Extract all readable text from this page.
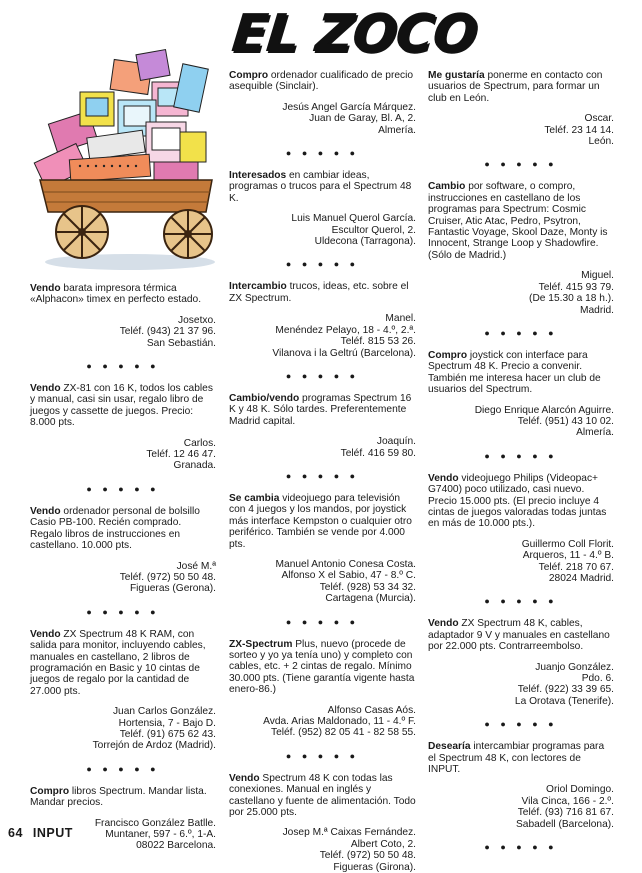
EL ZOCO

Vendo barata impresora térmica «Alphacon» timex en perfecto estado.

Josetxo.
Teléf. (943) 21 37 96.
San Sebastián.
● ● ● ● ●

Vendo ZX-81 con 16 K, todos los cables y manual, casi sin usar, regalo libro de juegos y cassette de juegos. Precio: 8.000 pts.

Carlos.
Teléf. 12 46 47.
Granada.
● ● ● ● ●

Vendo ordenador personal de bolsillo Casio PB-100. Recién comprado. Regalo libros de instrucciones en castellano. 10.000 pts.

José M.ª
Teléf. (972) 50 50 48.
Figueras (Gerona).
● ● ● ● ●

Vendo ZX Spectrum 48 K RAM, con salida para monitor, incluyendo cables, manuales en castellano, 2 libros de programación en Basic y 10 cintas de juegos de regalo por la cantidad de 27.000 pts.

Juan Carlos González.
Hortensia, 7 - Bajo D.
Teléf. (91) 675 62 43.
Torrejón de Ardoz (Madrid).
● ● ● ● ●

Compro libros Spectrum. Mandar lista. Mandar precios.

Francisco González Batlle.
Muntaner, 597 - 6.º, 1-A.
08022 Barcelona.

Compro ordenador cualificado de precio asequible (Sinclair).

Jesús Angel García Márquez.
Juan de Garay, Bl. A, 2.
Almería.
● ● ● ● ●

Interesados en cambiar ideas, programas o trucos para el Spectrum 48 K.

Luis Manuel Querol García.
Escultor Querol, 2.
Uldecona (Tarragona).
● ● ● ● ●

Intercambio trucos, ideas, etc. sobre el ZX Spectrum.

Manel.
Menéndez Pelayo, 18 - 4.º, 2.ª.
Teléf. 815 53 26.
Vilanova i la Geltrú (Barcelona).
● ● ● ● ●

Cambio/vendo programas Spectrum 16 K y 48 K. Sólo tardes. Preferentemente Madrid capital.

Joaquín.
Teléf. 416 59 80.
● ● ● ● ●

Se cambia videojuego para televisión con 4 juegos y los mandos, por joystick más interface Kempston o cualquier otro periférico. También se vende por 4.000 pts.

Manuel Antonio Conesa Costa.
Alfonso X el Sabio, 47 - 8.º C.
Teléf. (928) 53 34 32.
Cartagena (Murcia).
● ● ● ● ●

ZX-Spectrum Plus, nuevo (procede de sorteo y yo ya tenía uno) y completo con cables, etc. + 2 cintas de regalo. Mínimo 30.000 pts. (Tiene garantía vigente hasta enero-86.)

Alfonso Casas Aós.
Avda. Arias Maldonado, 11 - 4.º F.
Teléf. (952) 82 05 41 - 82 58 55.
● ● ● ● ●

Vendo Spectrum 48 K con todas las conexiones. Manual en inglés y castellano y fuente de alimentación. Todo por 25.000 pts.

Josep M.ª Caixas Fernández.
Albert Coto, 2.
Teléf. (972) 50 50 48.
Figueras (Girona).

Me gustaría ponerme en contacto con usuarios de Spectrum, para formar un club en León.

Oscar.
Teléf. 23 14 14.
León.
● ● ● ● ●

Cambio por software, o compro, instrucciones en castellano de los programas para Spectrum: Cosmic Cruiser, Atic Atac, Pedro, Psytron, Fantastic Voyage, Skool Daze, Monty is Innocent, Strange Loop y Shadowfire. (Sólo de Madrid.)

Miguel.
Teléf. 415 93 79.
(De 15.30 a 18 h.).
Madrid.
● ● ● ● ●

Compro joystick con interface para Spectrum 48 K. Precio a convenir. También me interesa hacer un club de usuarios del Spectrum.

Diego Enrique Alarcón Aguirre.
Teléf. (951) 43 10 02.
Almería.
● ● ● ● ●

Vendo videojuego Philips (Videopac+ G7400) poco utilizado, casi nuevo. Precio 15.000 pts. (El precio incluye 4 cintas de juegos valoradas todas juntas en más de 10.000 pts.).

Guillermo Coll Florit.
Arqueros, 11 - 4.º B.
Teléf. 218 70 67.
28024 Madrid.
● ● ● ● ●

Vendo ZX Spectrum 48 K, cables, adaptador 9 V y manuales en castellano por 22.000 pts. Contrarreembolso.

Juanjo González.
Pdo. 6.
Teléf. (922) 33 39 65.
La Orotava (Tenerife).
● ● ● ● ●

Desearía intercambiar programas para el Spectrum 48 K, con lectores de INPUT.

Oriol Domingo.
Vila Cinca, 166 - 2.º.
Teléf. (93) 716 81 67.
Sabadell (Barcelona).
● ● ● ● ●
64 INPUT
